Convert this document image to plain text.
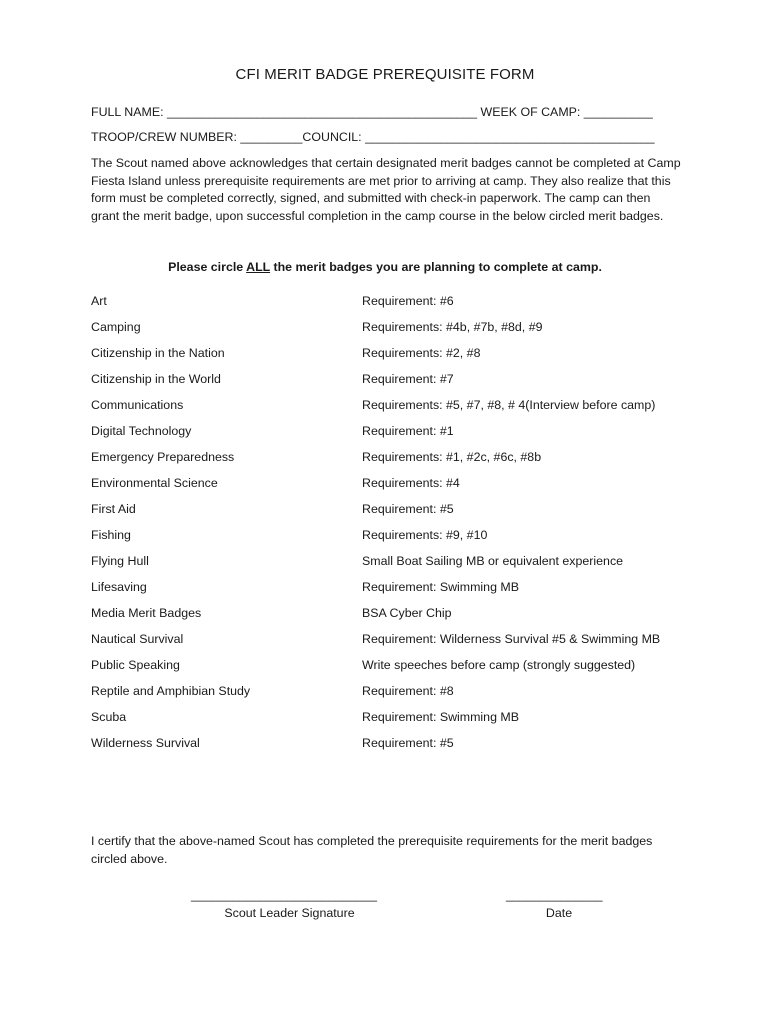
CFI MERIT BADGE PREREQUISITE FORM
FULL NAME: _____________________________________________ WEEK OF CAMP: __________
TROOP/CREW NUMBER: _________COUNCIL: __________________________________________
The Scout named above acknowledges that certain designated merit badges cannot be completed at Camp Fiesta Island unless prerequisite requirements are met prior to arriving at camp. They also realize that this form must be completed correctly, signed, and submitted with check-in paperwork. The camp can then grant the merit badge, upon successful completion in the camp course in the below circled merit badges.
Please circle ALL the merit badges you are planning to complete at camp.
Art	Requirement: #6
Camping	Requirements: #4b, #7b, #8d, #9
Citizenship in the Nation	Requirements: #2, #8
Citizenship in the World	Requirement: #7
Communications	Requirements: #5, #7, #8, # 4(Interview before camp)
Digital Technology	Requirement: #1
Emergency Preparedness	Requirements: #1, #2c, #6c, #8b
Environmental Science	Requirements: #4
First Aid	Requirement: #5
Fishing	Requirements: #9, #10
Flying Hull	Small Boat Sailing MB or equivalent experience
Lifesaving	Requirement: Swimming MB
Media Merit Badges	BSA Cyber Chip
Nautical Survival	Requirement: Wilderness Survival #5 & Swimming MB
Public Speaking	Write speeches before camp (strongly suggested)
Reptile and Amphibian Study	Requirement: #8
Scuba	Requirement: Swimming MB
Wilderness Survival	Requirement: #5
I certify that the above-named Scout has completed the prerequisite requirements for the merit badges circled above.
___________________________
Scout Leader Signature
______________
Date
